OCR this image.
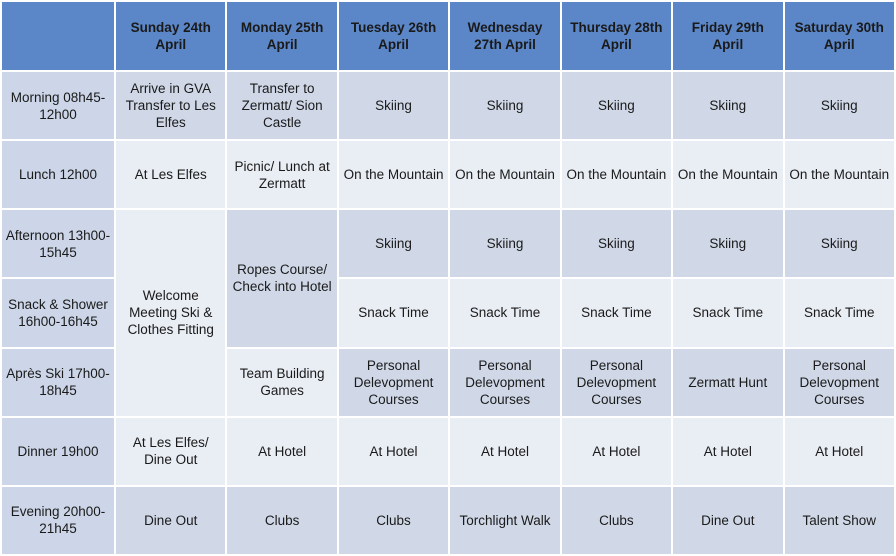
	Sunday 24th April	Monday 25th April	Tuesday 26th April	Wednesday 27th April	Thursday 28th April	Friday 29th April	Saturday 30th April
Morning 08h45-12h00	Arrive in GVA Transfer to Les Elfes	Transfer to Zermatt/ Sion Castle	Skiing	Skiing	Skiing	Skiing	Skiing
Lunch 12h00	At Les Elfes	Picnic/ Lunch at Zermatt	On the Mountain	On the Mountain	On the Mountain	On the Mountain	On the Mountain
Afternoon 13h00-15h45	Welcome Meeting Ski & Clothes Fitting	Ropes Course/ Check into Hotel	Skiing	Skiing	Skiing	Skiing	Skiing
Snack & Shower 16h00-16h45			Snack Time	Snack Time	Snack Time	Snack Time	Snack Time
Après Ski 17h00-18h45		Team Building Games	Personal Delevopment Courses	Personal Delevopment Courses	Personal Delevopment Courses	Zermatt Hunt	Personal Delevopment Courses
Dinner 19h00	At Les Elfes/ Dine Out	At Hotel	At Hotel	At Hotel	At Hotel	At Hotel	At Hotel
Evening 20h00-21h45	Dine Out	Clubs	Clubs	Torchlight Walk	Clubs	Dine Out	Talent Show
